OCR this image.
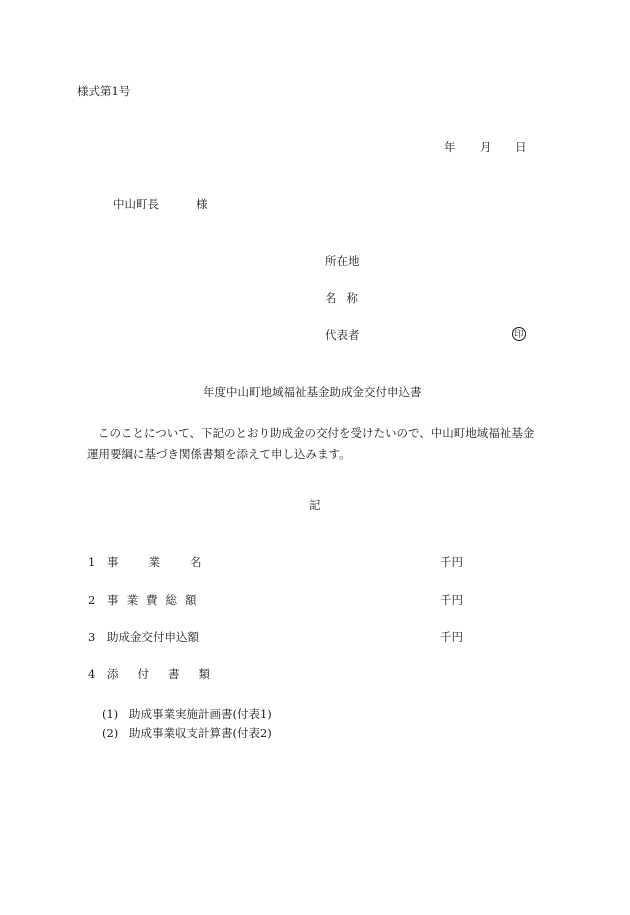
様式第1号
年 月 日
中山町長	様
所在地
名称
代表者	印
年度中山町地域福祉基金助成金交付申込書
このことについて、下記のとおり助成金の交付を受けたいので、中山町地域福祉基金運用要綱に基づき関係書類を添えて申し込みます。
記
1 事業名	千円
2 事業費総額	千円
3 助成金交付申込額	千円
4 添付書類
(1) 助成事業実施計画書(付表1)
(2) 助成事業収支計算書(付表2)
